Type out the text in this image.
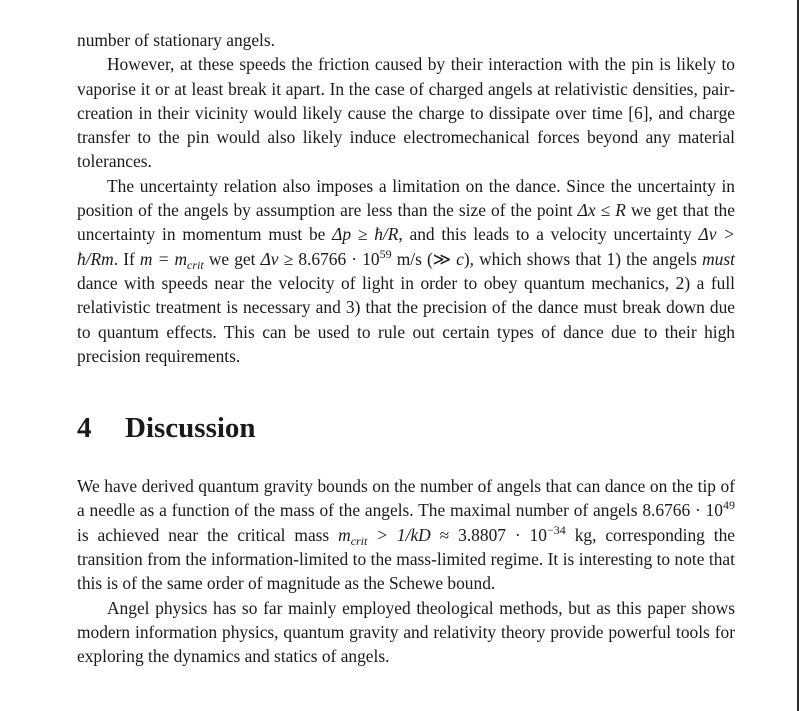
number of stationary angels.

However, at these speeds the friction caused by their interaction with the pin is likely to vaporise it or at least break it apart. In the case of charged angels at relativistic densities, pair-creation in their vicinity would likely cause the charge to dissipate over time [6], and charge transfer to the pin would also likely induce electromechanical forces beyond any material tolerances.

The uncertainty relation also imposes a limitation on the dance. Since the uncertainty in position of the angels by assumption are less than the size of the point Δx ≤ R we get that the uncertainty in momentum must be Δp ≥ ħ/R, and this leads to a velocity uncertainty Δv > ħ/Rm. If $m = m_{crit}$ we get $\Delta v \ge 8.6766 \cdot 10^{59}$ m/s (≫ c), which shows that 1) the angels must dance with speeds near the velocity of light in order to obey quantum mechanics, 2) a full relativistic treatment is necessary and 3) that the precision of the dance must break down due to quantum effects. This can be used to rule out certain types of dance due to their high precision requirements.

4	Discussion

We have derived quantum gravity bounds on the number of angels that can dance on the tip of a needle as a function of the mass of the angels. The maximal number of angels $8.6766 \cdot 10^{49}$ is achieved near the critical mass $m_{crit} > 1/kD \approx 3.8807 \cdot 10^{-34}$ kg, corresponding the transition from the information-limited to the mass-limited regime. It is interesting to note that this is of the same order of magnitude as the Schewe bound.

Angel physics has so far mainly employed theological methods, but as this paper shows modern information physics, quantum gravity and relativity theory provide powerful tools for exploring the dynamics and statics of angels.
